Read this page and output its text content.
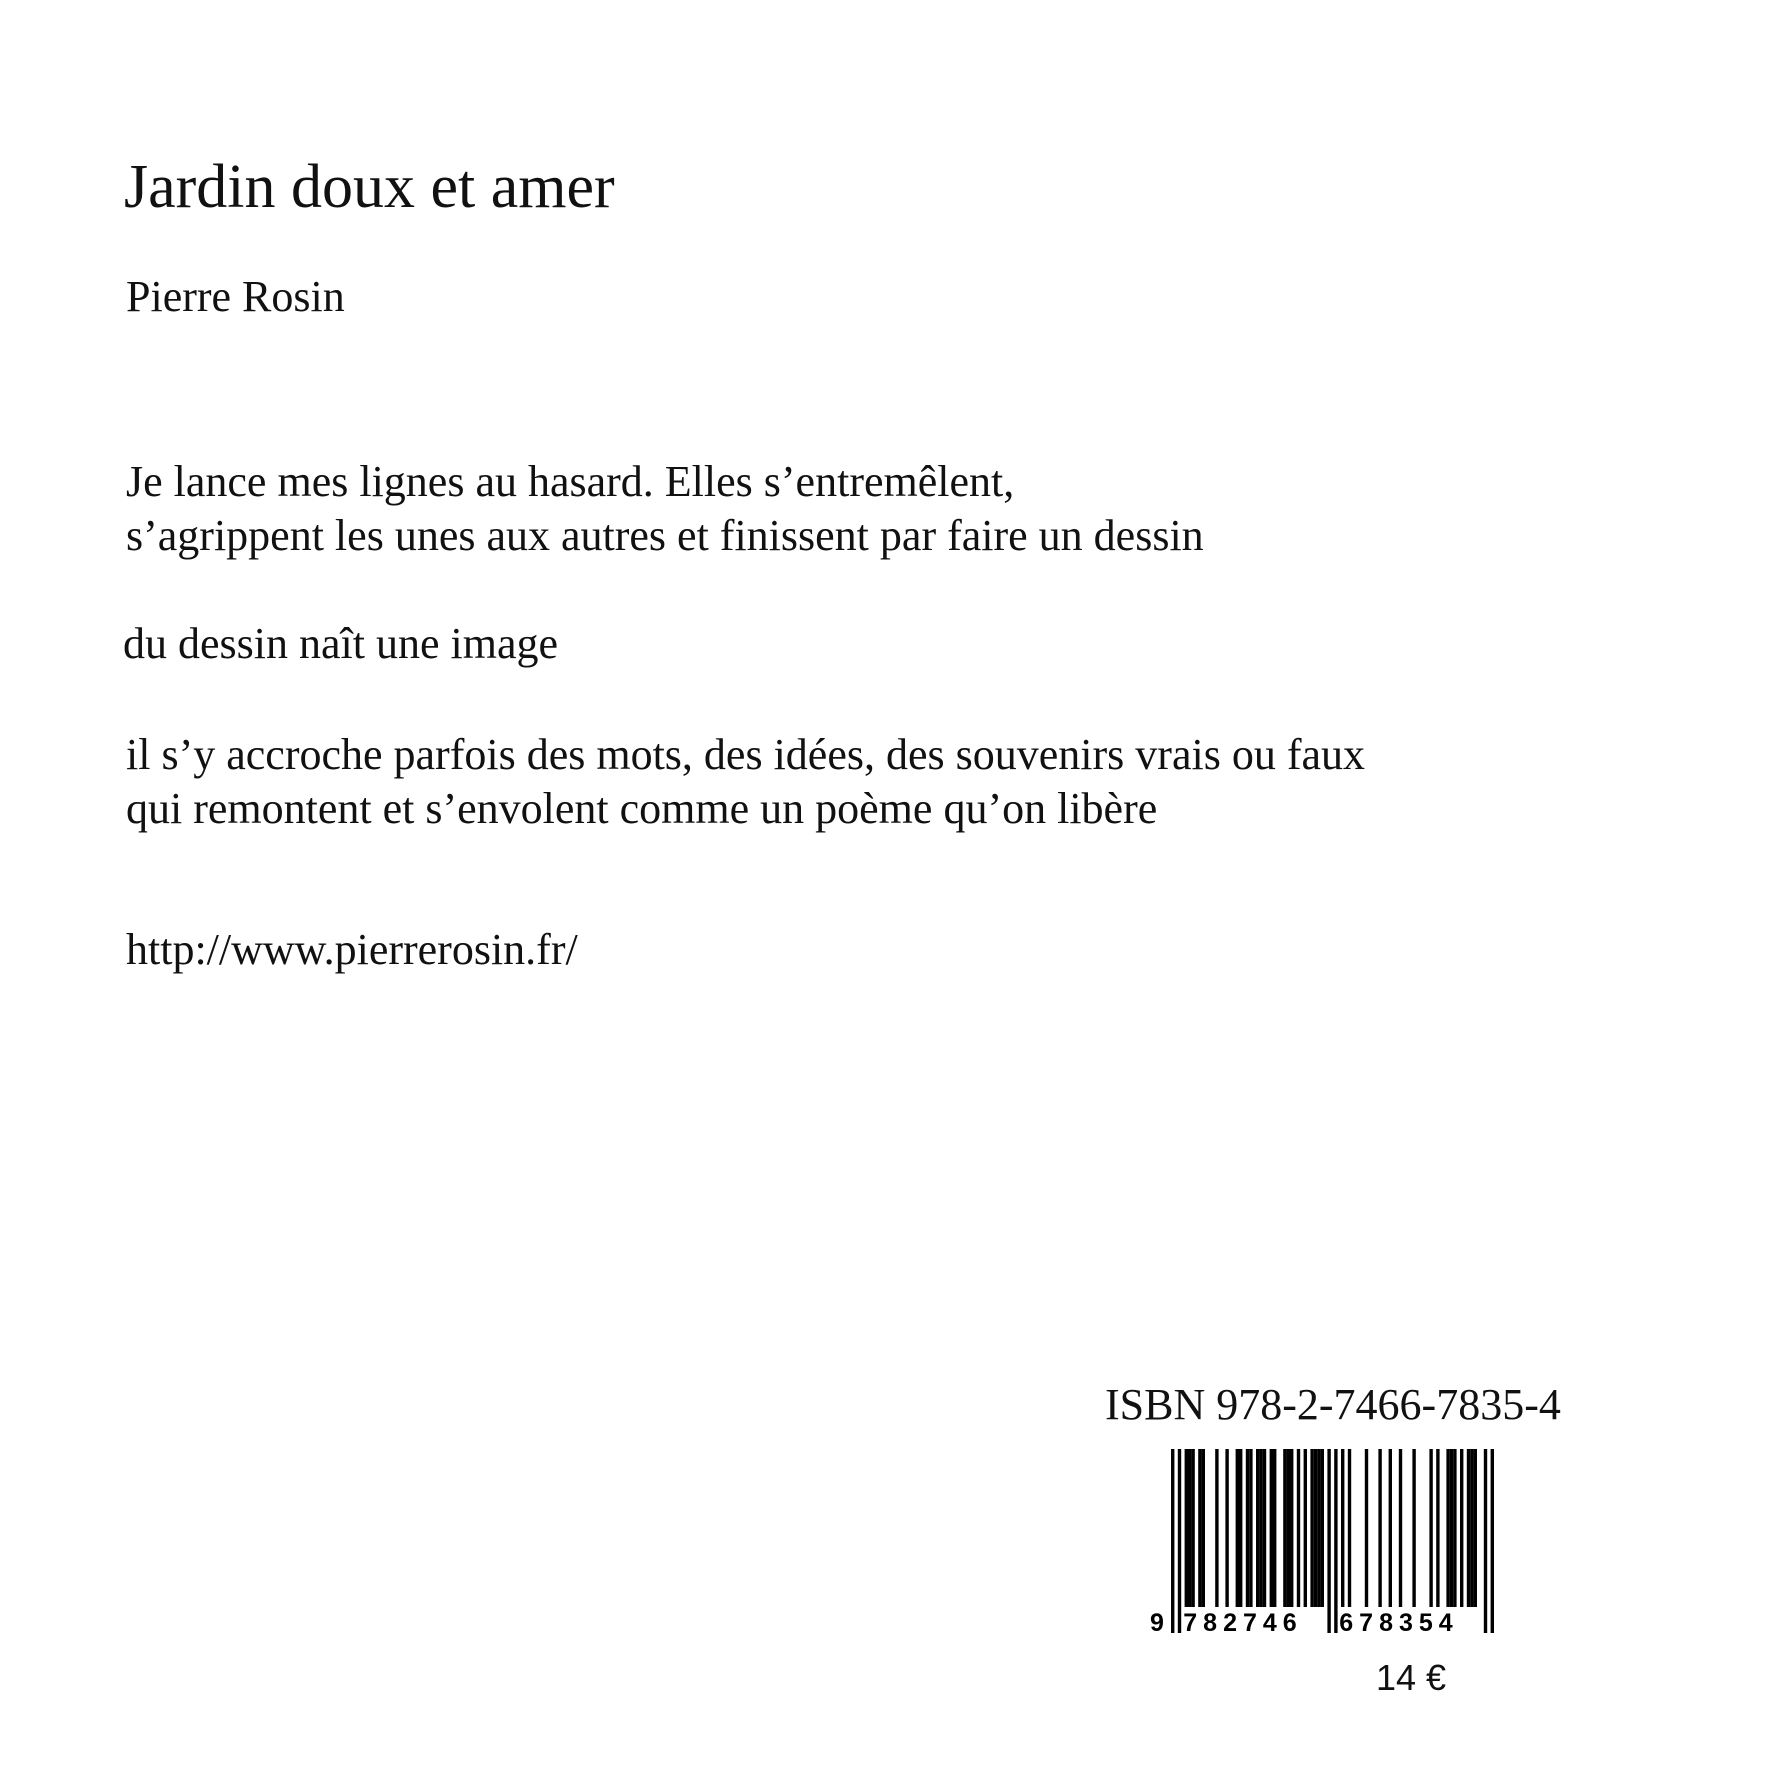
Jardin doux et amer
Pierre Rosin

Je lance mes lignes au hasard. Elles s’entremêlent,
s’agrippent les unes aux autres et finissent par faire un dessin

du dessin naît une image

il s’y accroche parfois des mots, des idées, des souvenirs vrais ou faux
qui remontent et s’envolent comme un poème qu’on libère

http://www.pierrerosin.fr/
ISBN 978-2-7466-7835-4
9 782746 678354
14 €
